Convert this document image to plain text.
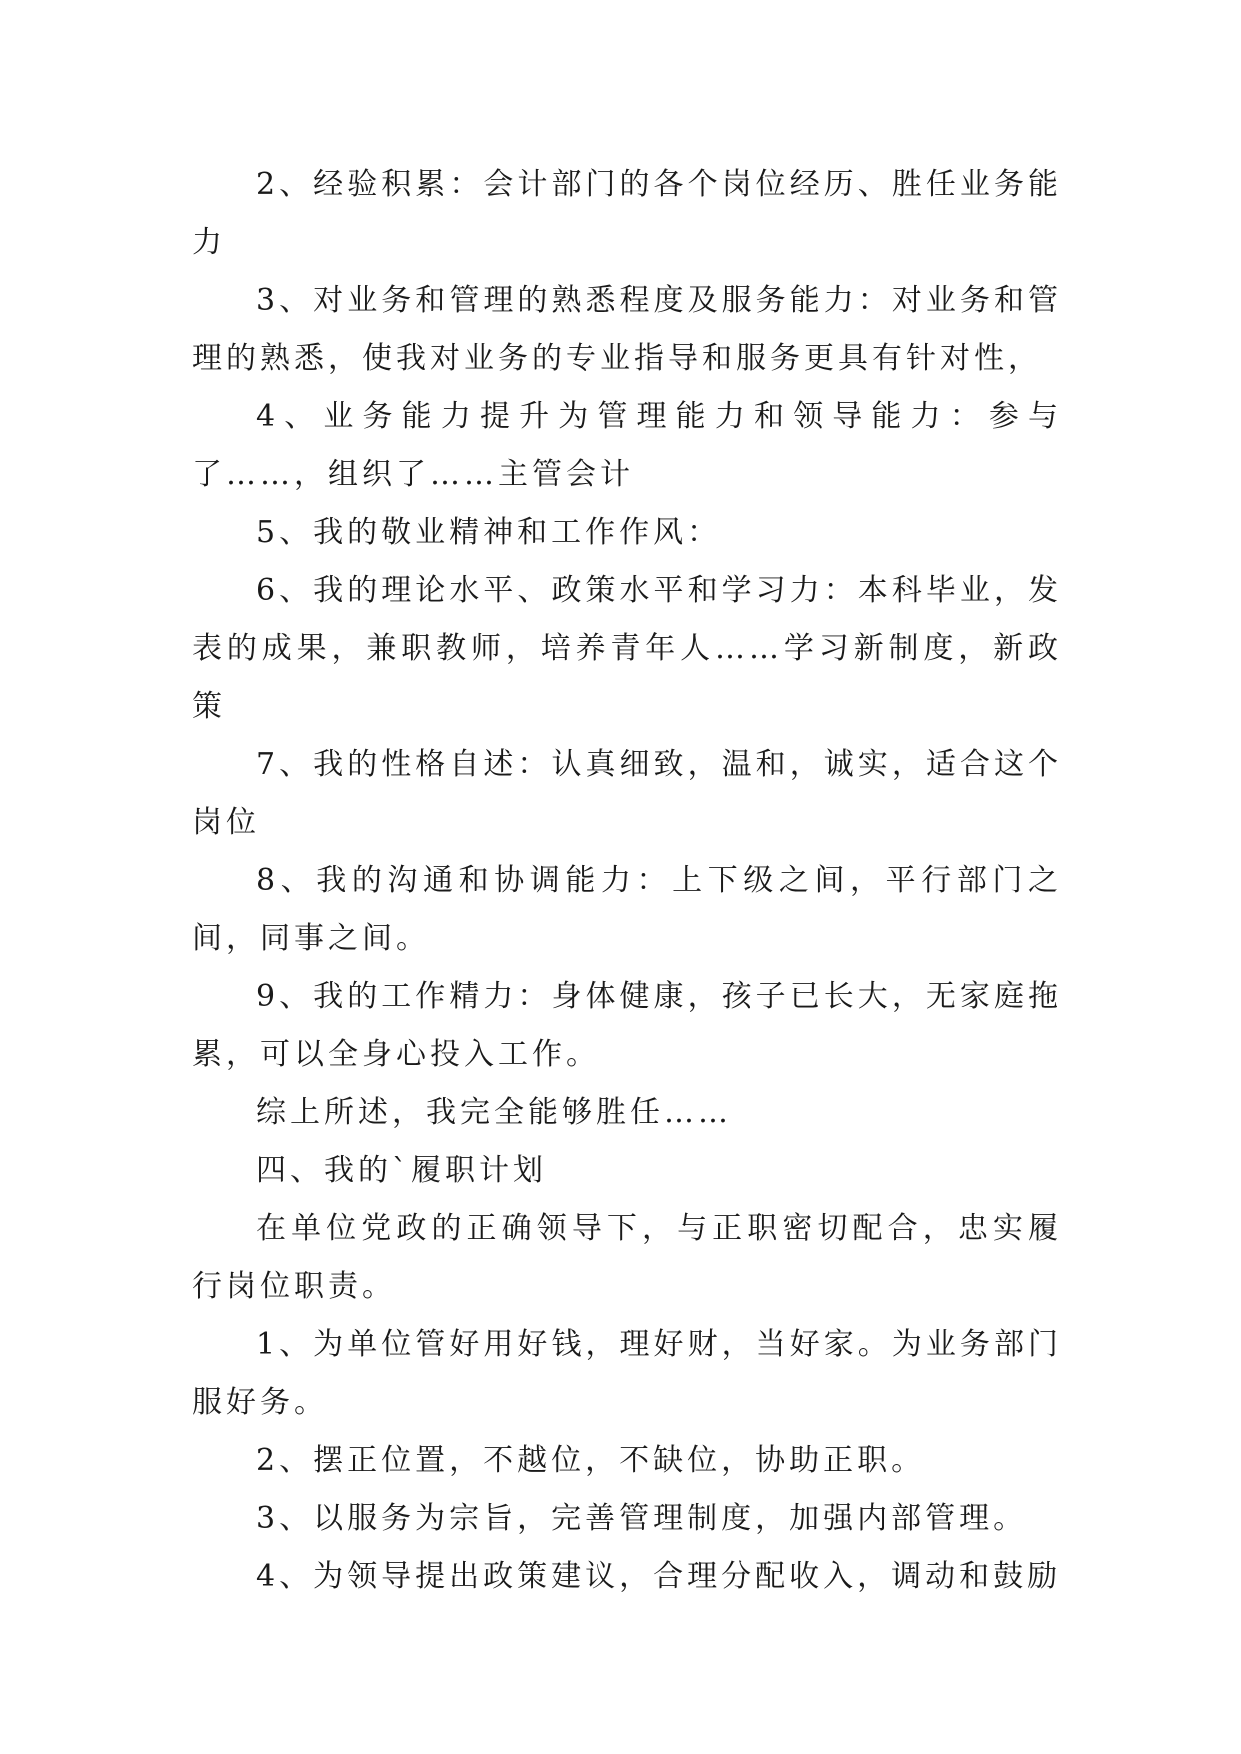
2、经验积累：会计部门的各个岗位经历、胜任业务能力

3、对业务和管理的熟悉程度及服务能力：对业务和管理的熟悉，使我对业务的专业指导和服务更具有针对性，

4、业务能力提升为管理能力和领导能力：参与了……，组织了……主管会计

5、我的敬业精神和工作作风：

6、我的理论水平、政策水平和学习力：本科毕业，发表的成果，兼职教师，培养青年人……学习新制度，新政策

7、我的性格自述：认真细致，温和，诚实，适合这个岗位

8、我的沟通和协调能力：上下级之间，平行部门之间，同事之间。

9、我的工作精力：身体健康，孩子已长大，无家庭拖累，可以全身心投入工作。

综上所述，我完全能够胜任……

四、我的`履职计划

在单位党政的正确领导下，与正职密切配合，忠实履行岗位职责。

1、为单位管好用好钱，理好财，当好家。为业务部门服好务。

2、摆正位置，不越位，不缺位，协助正职。

3、以服务为宗旨，完善管理制度，加强内部管理。

4、为领导提出政策建议，合理分配收入，调动和鼓励
